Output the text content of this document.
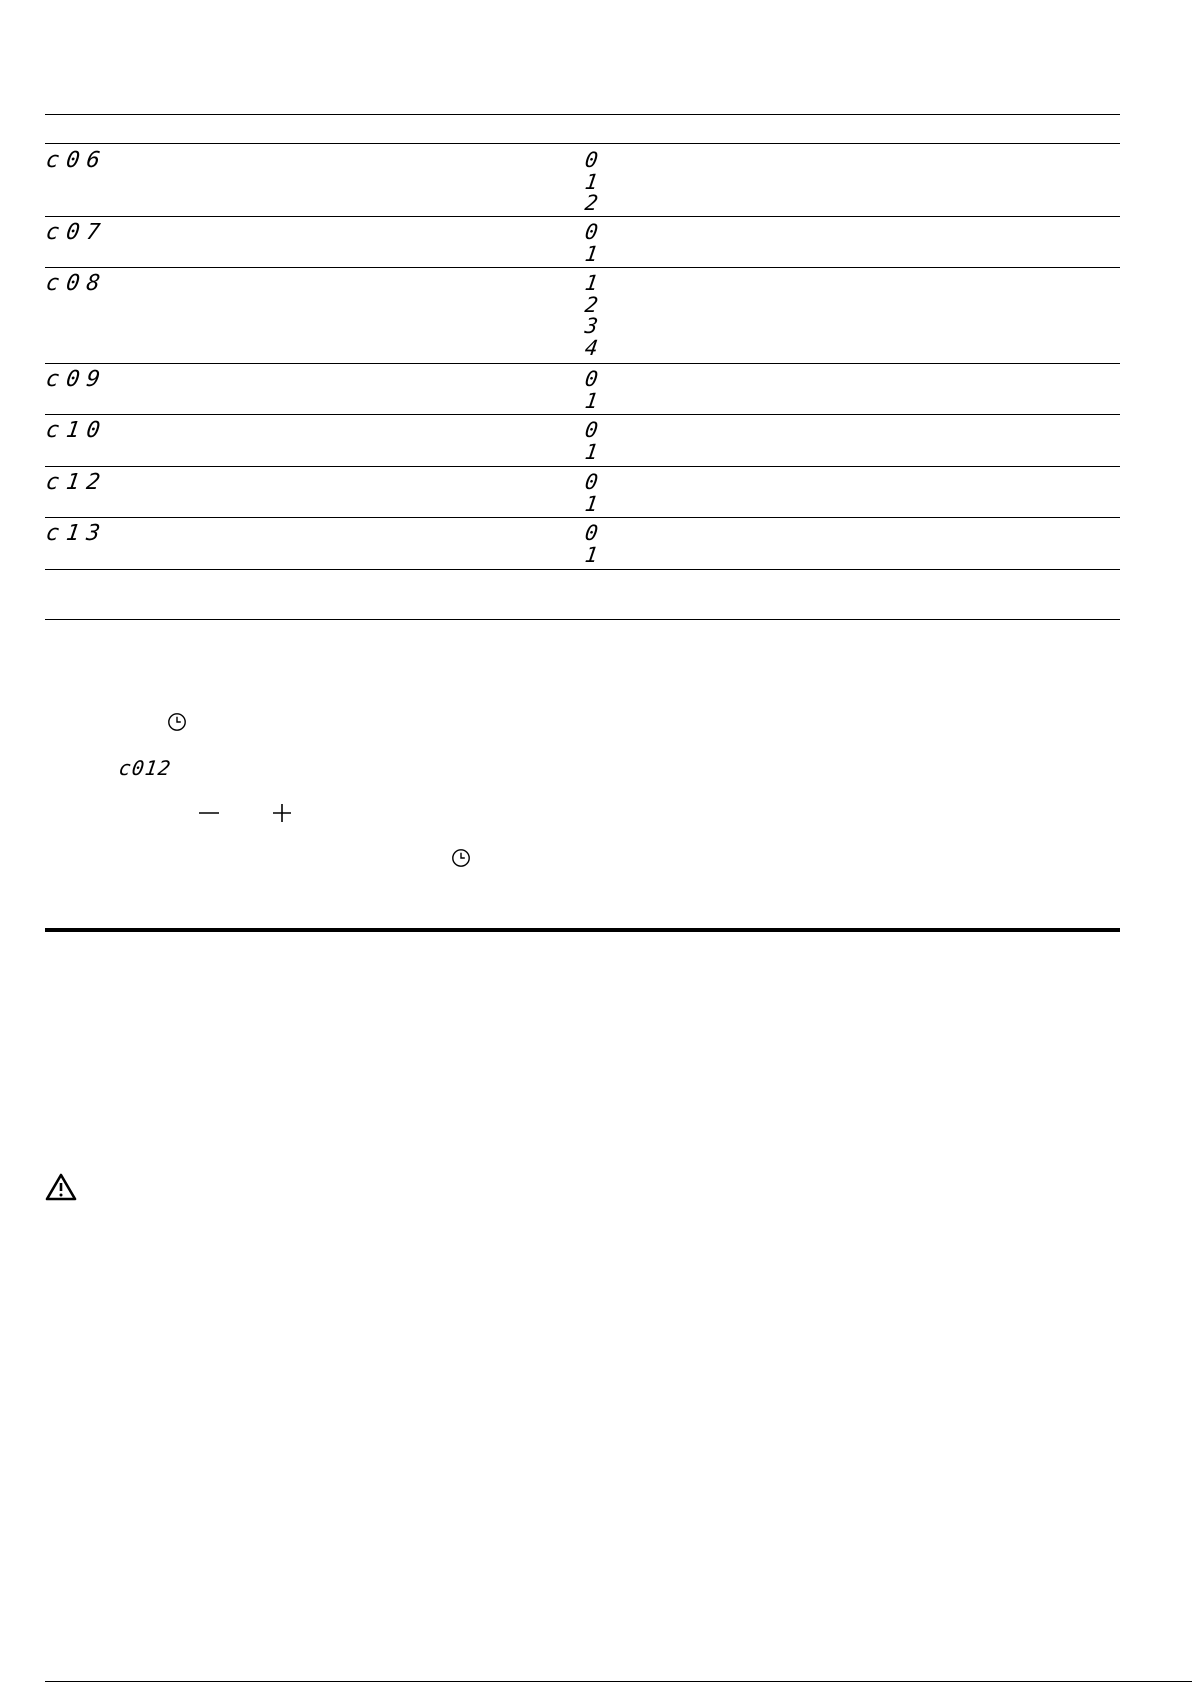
c06	0
1
2
c07	0
1
c08	1
2
3
4
c09	0
1
c10	0
1
c12	0
1
c13	0
1
c012
